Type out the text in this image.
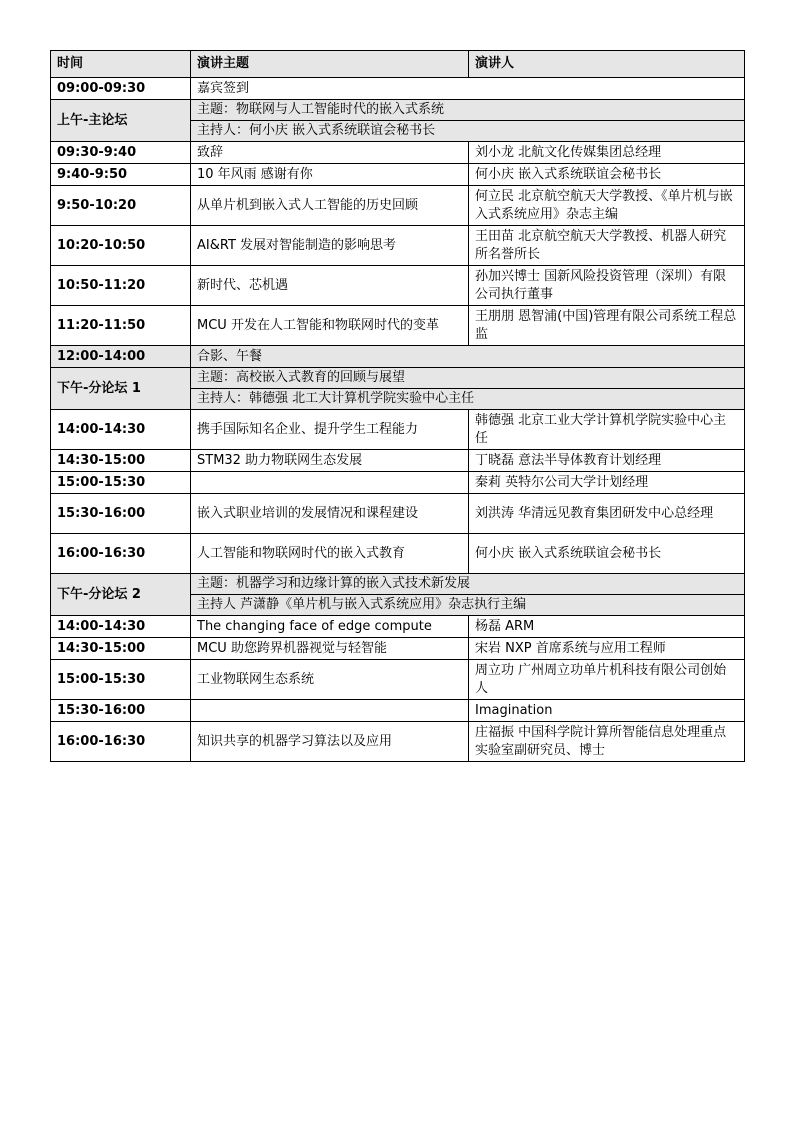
时间	演讲主题	演讲人
09:00-09:30	嘉宾签到	
上午-主论坛	主题：物联网与人工智能时代的嵌入式系统	
	主持人：何小庆 嵌入式系统联谊会秘书长	
09:30-9:40	致辞	刘小龙 北航文化传媒集团总经理
9:40-9:50	10 年风雨 感谢有你	何小庆 嵌入式系统联谊会秘书长
9:50-10:20	从单片机到嵌入式人工智能的历史回顾	何立民 北京航空航天大学教授、《单片机与嵌入式系统应用》杂志主编
10:20-10:50	AI&RT 发展对智能制造的影响思考	王田苗 北京航空航天大学教授、机器人研究所名誉所长
10:50-11:20	新时代、芯机遇	孙加兴博士 国新风险投资管理（深圳）有限公司执行董事
11:20-11:50	MCU 开发在人工智能和物联网时代的变革	王朋朋 恩智浦(中国)管理有限公司系统工程总监
12:00-14:00	合影、午餐	
下午-分论坛 1	主题：高校嵌入式教育的回顾与展望	
	主持人：韩德强 北工大计算机学院实验中心主任	
14:00-14:30	携手国际知名企业、提升学生工程能力	韩德强 北京工业大学计算机学院实验中心主任
14:30-15:00	STM32 助力物联网生态发展	丁晓磊 意法半导体教育计划经理
15:00-15:30		秦莉 英特尔公司大学计划经理
15:30-16:00	嵌入式职业培训的发展情况和课程建设	刘洪涛 华清远见教育集团研发中心总经理
16:00-16:30	人工智能和物联网时代的嵌入式教育	何小庆 嵌入式系统联谊会秘书长
下午-分论坛 2	主题：机器学习和边缘计算的嵌入式技术新发展	
	主持人 芦潇静《单片机与嵌入式系统应用》杂志执行主编	
14:00-14:30	The changing face of edge compute	杨磊 ARM
14:30-15:00	MCU 助您跨界机器视觉与轻智能	宋岩 NXP 首席系统与应用工程师
15:00-15:30	工业物联网生态系统	周立功 广州周立功单片机科技有限公司创始人
15:30-16:00		Imagination
16:00-16:30	知识共享的机器学习算法以及应用	庄福振 中国科学院计算所智能信息处理重点实验室副研究员、博士
